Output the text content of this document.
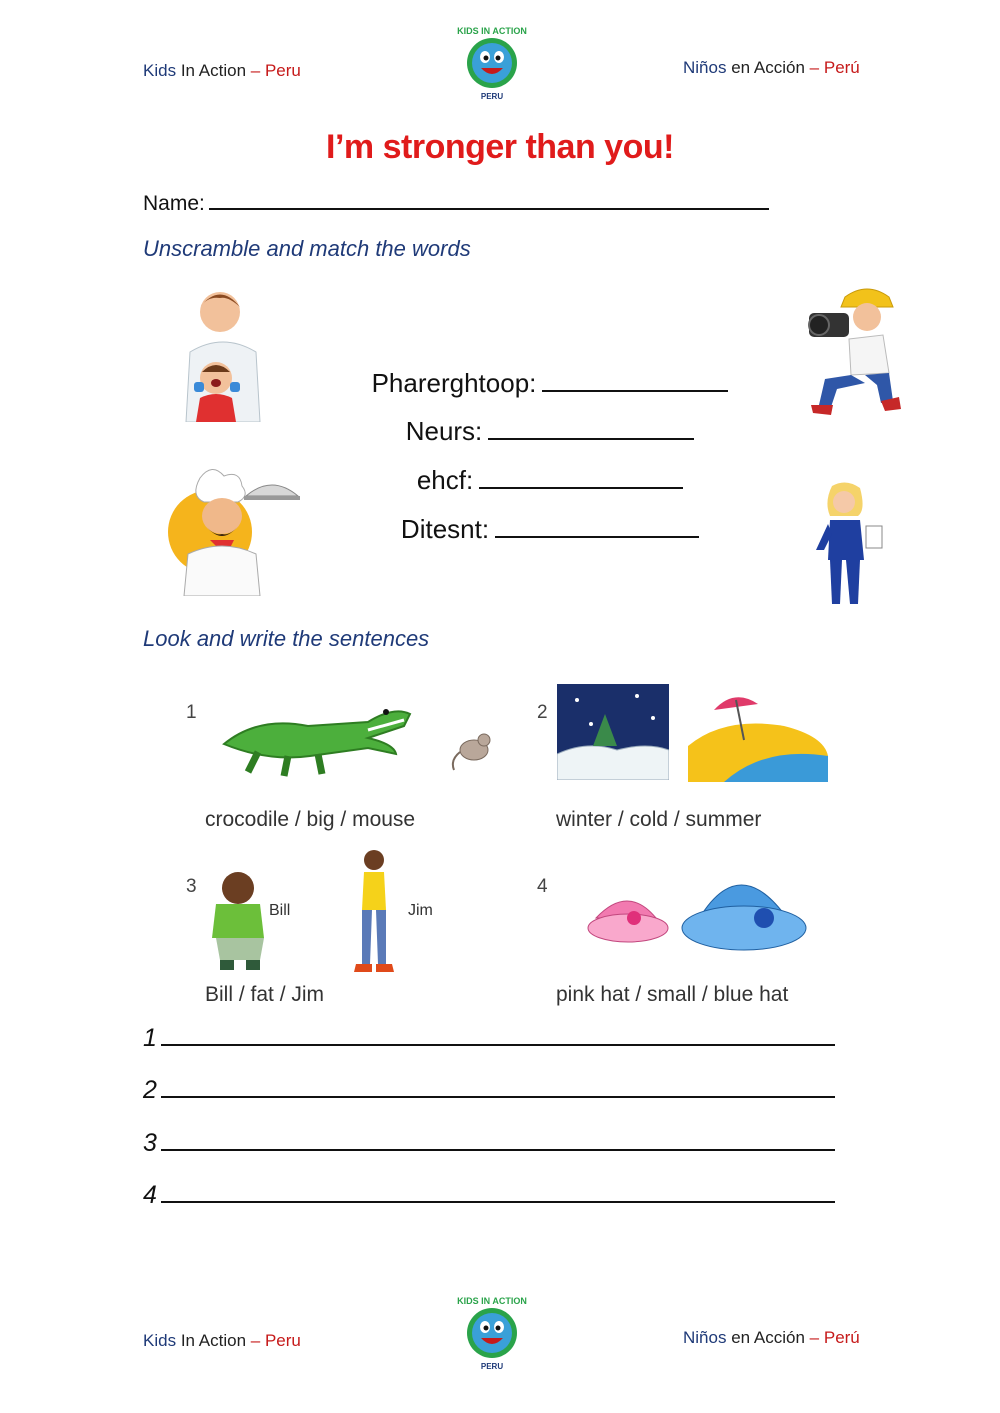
Kids In Action – Peru
KIDS IN ACTION
PERU
Niños en Acción – Perú
I’m stronger than you!
Name:
Unscramble and match the words
Pharerghtoop:
Neurs:
ehcf:
Ditesnt:
Look and write the sentences
1
crocodile / big / mouse
2
winter / cold / summer
3
Bill	Jim
Bill / fat / Jim
4
pink hat / small / blue hat
1
2
3
4
Kids In Action – Peru
KIDS IN ACTION
PERU
Niños en Acción – Perú
